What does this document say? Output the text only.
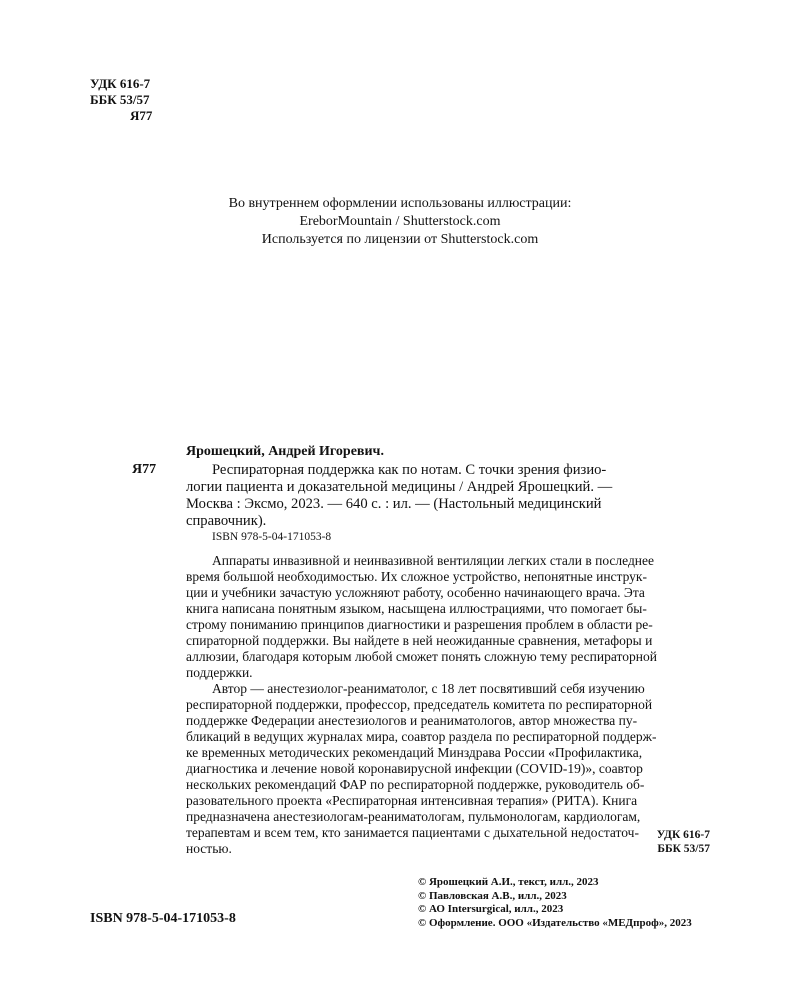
УДК 616-7
ББК 53/57
Я77
Во внутреннем оформлении использованы иллюстрации:
EreborMountain / Shutterstock.com
Используется по лицензии от Shutterstock.com
Ярошецкий, Андрей Игоревич.
Я77	Респираторная поддержка как по нотам. С точки зрения физио-
логии пациента и доказательной медицины / Андрей Ярошецкий. —
Москва : Эксмо, 2023. — 640 с. : ил. — (Настольный медицинский
справочник).
ISBN 978-5-04-171053-8
Аппараты инвазивной и неинвазивной вентиляции легких стали в последнее
время большой необходимостью. Их сложное устройство, непонятные инструк-
ции и учебники зачастую усложняют работу, особенно начинающего врача. Эта
книга написана понятным языком, насыщена иллюстрациями, что помогает бы-
строму пониманию принципов диагностики и разрешения проблем в области ре-
спираторной поддержки. Вы найдете в ней неожиданные сравнения, метафоры и
аллюзии, благодаря которым любой сможет понять сложную тему респираторной
поддержки.
Автор — анестезиолог-реаниматолог, с 18 лет посвятивший себя изучению
респираторной поддержки, профессор, председатель комитета по респираторной
поддержке Федерации анестезиологов и реаниматологов, автор множества пу-
бликаций в ведущих журналах мира, соавтор раздела по респираторной поддерж-
ке временных методических рекомендаций Минздрава России «Профилактика,
диагностика и лечение новой коронавирусной инфекции (COVID-19)», соавтор
нескольких рекомендаций ФАР по респираторной поддержке, руководитель об-
разовательного проекта «Респираторная интенсивная терапия» (РИТА). Книга
предназначена анестезиологам-реаниматологам, пульмонологам, кардиологам,
терапевтам и всем тем, кто занимается пациентами с дыхательной недостаточ-
ностью.
УДК 616-7
ББК 53/57
ISBN 978-5-04-171053-8
© Ярошецкий А.И., текст, илл., 2023
© Павловская А.В., илл., 2023
© АО Intersurgical, илл., 2023
© Оформление. ООО «Издательство «МЕДпроф», 2023
